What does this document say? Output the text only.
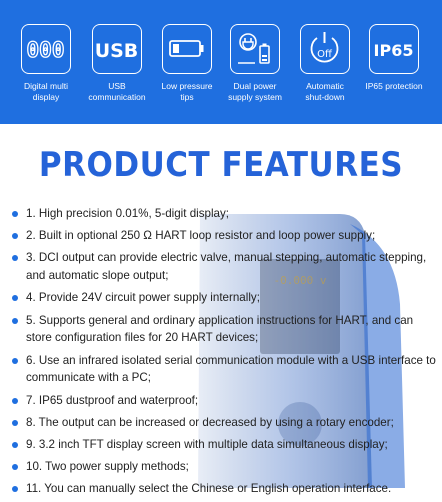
000
Digital multi
display
USB
USB
communication
Low pressure
tips
Dual power
supply system
Off
Automatic
shut-down
IP65
IP65 protection
-0.000 v
PRODUCT FEATURES
1. High precision 0.01%, 5-digit display;
2. Built in optional 250 Ω HART loop resistor and loop power supply;
3. DCI output can provide electric valve, manual stepping, automatic stepping, and automatic slope output;
4. Provide 24V circuit power supply internally;
5. Supports general and ordinary application instructions for HART, and can store configuration files for 20 HART devices;
6. Use an infrared isolated serial communication module with a USB interface to communicate with a PC;
7. IP65 dustproof and waterproof;
8. The output can be increased or decreased by using a rotary encoder;
9. 3.2 inch TFT display screen with multiple data simultaneous display;
10. Two power supply methods;
11. You can manually select the Chinese or English operation interface.
